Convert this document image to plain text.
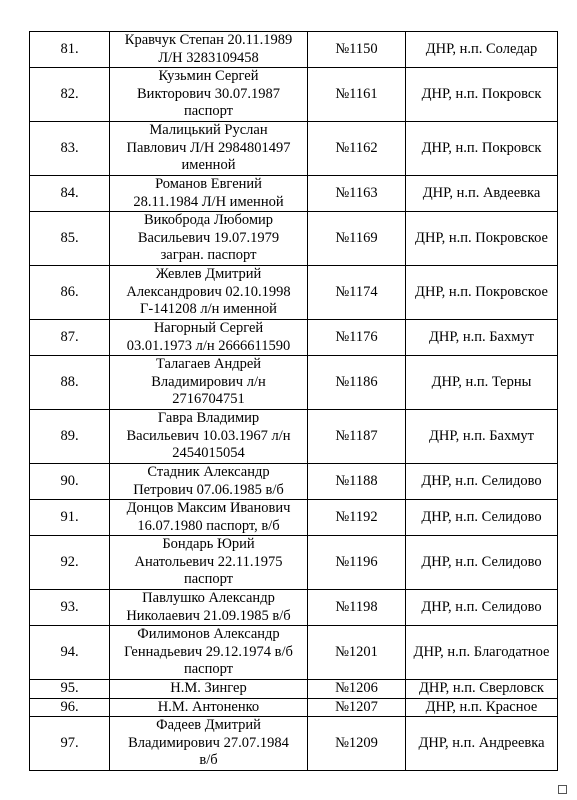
81.	Кравчук Степан 20.11.1989
Л/Н 3283109458	№1150	ДНР, н.п. Соледар
82.	Кузьмин Сергей
Викторович 30.07.1987
паспорт	№1161	ДНР, н.п. Покровск
83.	Малицький Руслан
Павлович Л/Н 2984801497
именной	№1162	ДНР, н.п. Покровск
84.	Романов Евгений
28.11.1984 Л/Н именной	№1163	ДНР, н.п. Авдеевка
85.	Викоброда Любомир
Васильевич 19.07.1979
загран. паспорт	№1169	ДНР, н.п. Покровское
86.	Жевлев Дмитрий
Александрович 02.10.1998
Г-141208 л/н именной	№1174	ДНР, н.п. Покровское
87.	Нагорный Сергей
03.01.1973 л/н 2666611590	№1176	ДНР, н.п. Бахмут
88.	Талагаев Андрей
Владимирович л/н
2716704751	№1186	ДНР, н.п. Терны
89.	Гавра Владимир
Васильевич 10.03.1967 л/н
2454015054	№1187	ДНР, н.п. Бахмут
90.	Стадник Александр
Петрович 07.06.1985 в/б	№1188	ДНР, н.п. Селидово
91.	Донцов Максим Иванович
16.07.1980 паспорт, в/б	№1192	ДНР, н.п. Селидово
92.	Бондарь Юрий
Анатольевич 22.11.1975
паспорт	№1196	ДНР, н.п. Селидово
93.	Павлушко Александр
Николаевич 21.09.1985 в/б	№1198	ДНР, н.п. Селидово
94.	Филимонов Александр
Геннадьевич 29.12.1974 в/б
паспорт	№1201	ДНР, н.п. Благодатное
95.	Н.М. Зингер	№1206	ДНР, н.п. Сверловск
96.	Н.М. Антоненко	№1207	ДНР, н.п. Красное
97.	Фадеев Дмитрий
Владимирович 27.07.1984
в/б	№1209	ДНР, н.п. Андреевка
